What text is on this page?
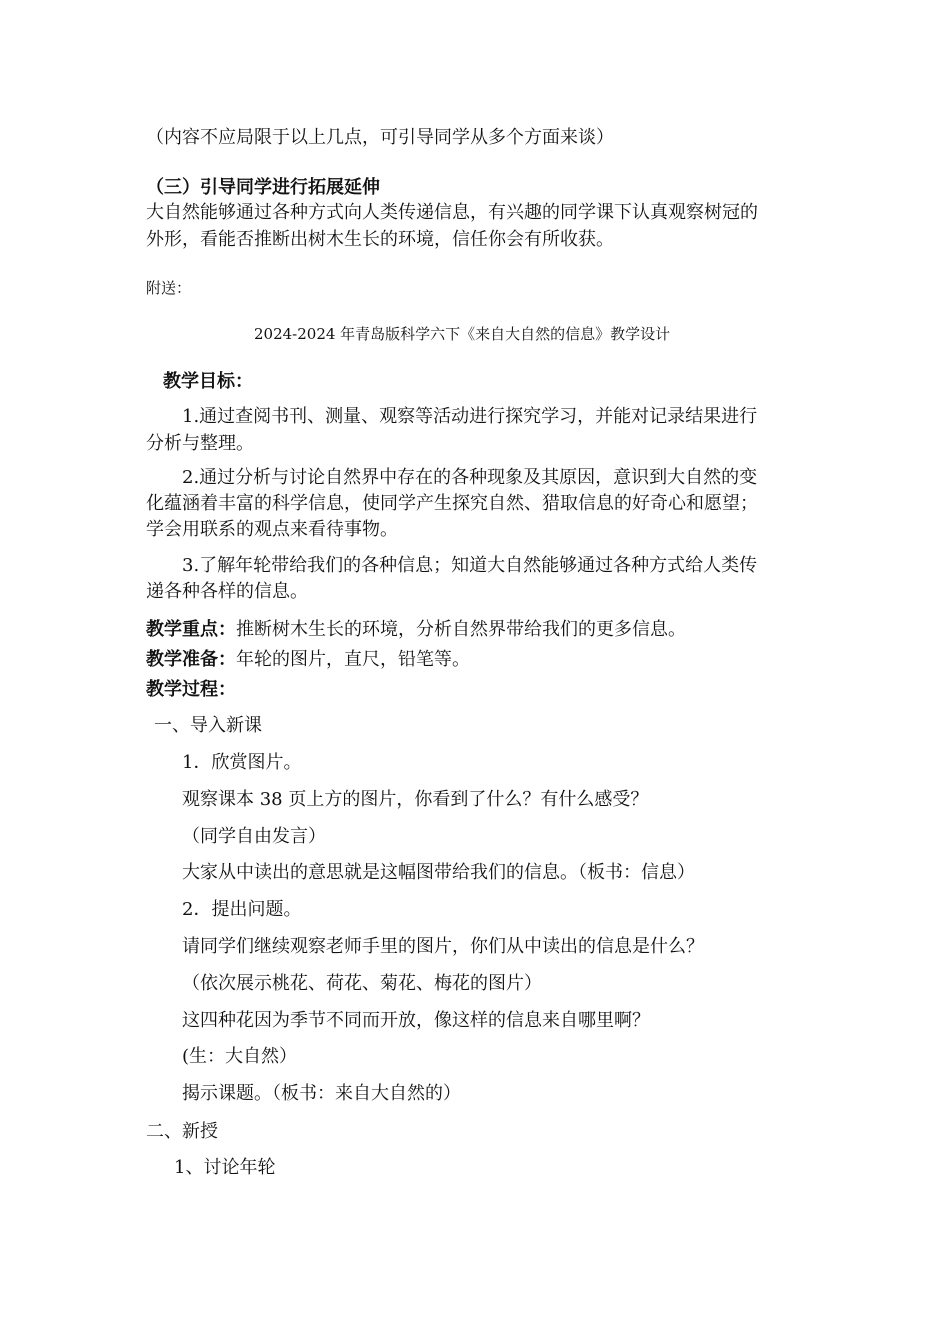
（内容不应局限于以上几点，可引导同学从多个方面来谈）
（三）引导同学进行拓展延伸
大自然能够通过各种方式向人类传递信息，有兴趣的同学课下认真观察树冠的
外形，看能否推断出树木生长的环境，信任你会有所收获。
附送：
2024-2024 年青岛版科学六下《来自大自然的信息》教学设计
教学目标：
1.通过查阅书刊、测量、观察等活动进行探究学习，并能对记录结果进行
分析与整理。
2.通过分析与讨论自然界中存在的各种现象及其原因，意识到大自然的变
化蕴涵着丰富的科学信息，使同学产生探究自然、猎取信息的好奇心和愿望；
学会用联系的观点来看待事物。
3.了解年轮带给我们的各种信息；知道大自然能够通过各种方式给人类传
递各种各样的信息。
教学重点：推断树木生长的环境，分析自然界带给我们的更多信息。
教学准备：年轮的图片，直尺，铅笔等。
教学过程：
一、导入新课
1．欣赏图片。
观察课本 38 页上方的图片，你看到了什么？有什么感受？
（同学自由发言）
大家从中读出的意思就是这幅图带给我们的信息。（板书：信息）
2．提出问题。
请同学们继续观察老师手里的图片，你们从中读出的信息是什么？
（依次展示桃花、荷花、菊花、梅花的图片）
这四种花因为季节不同而开放，像这样的信息来自哪里啊？
(生：大自然）
揭示课题。（板书：来自大自然的）
二、新授
1、讨论年轮
